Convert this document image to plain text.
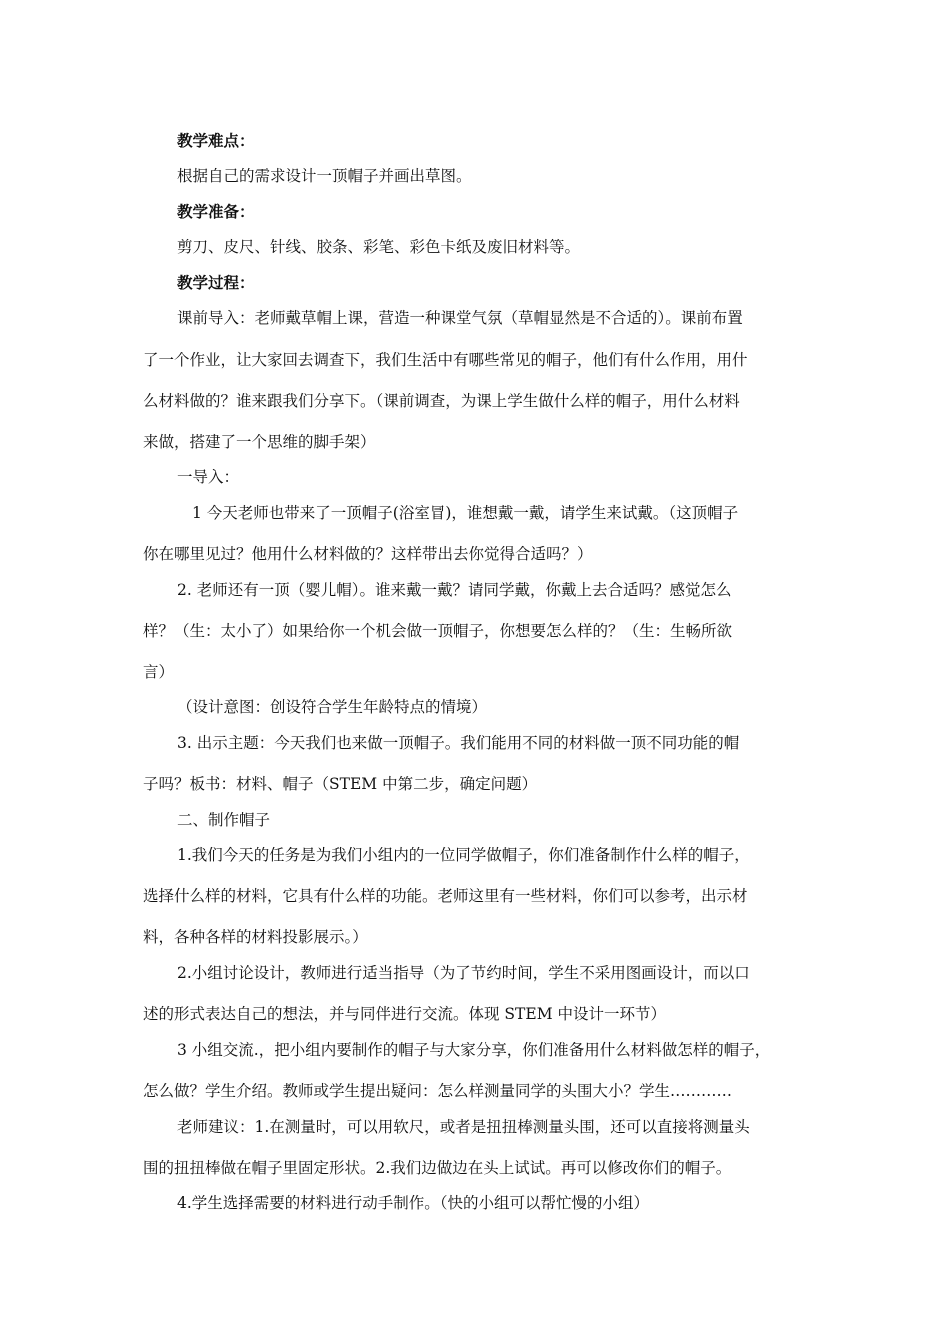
教学难点：
根据自己的需求设计一顶帽子并画出草图。
教学准备：
剪刀、皮尺、针线、胶条、彩笔、彩色卡纸及废旧材料等。
教学过程：
课前导入：老师戴草帽上课，营造一种课堂气氛（草帽显然是不合适的）。课前布置
了一个作业，让大家回去调查下，我们生活中有哪些常见的帽子，他们有什么作用，用什
么材料做的？谁来跟我们分享下。（课前调查，为课上学生做什么样的帽子，用什么材料
来做，搭建了一个思维的脚手架）
一导入：
1 今天老师也带来了一顶帽子(浴室冒)，谁想戴一戴，请学生来试戴。（这顶帽子
你在哪里见过？他用什么材料做的？这样带出去你觉得合适吗？）
2. 老师还有一顶（婴儿帽）。谁来戴一戴？请同学戴，你戴上去合适吗？感觉怎么
样？（生：太小了）如果给你一个机会做一顶帽子，你想要怎么样的？（生：生畅所欲
言）
（设计意图：创设符合学生年龄特点的情境）
3. 出示主题：今天我们也来做一顶帽子。我们能用不同的材料做一顶不同功能的帽
子吗？板书：材料、帽子（STEM 中第二步，确定问题）
二、制作帽子
1.我们今天的任务是为我们小组内的一位同学做帽子，你们准备制作什么样的帽子，
选择什么样的材料，它具有什么样的功能。老师这里有一些材料，你们可以参考，出示材
料，各种各样的材料投影展示。）
2.小组讨论设计，教师进行适当指导（为了节约时间，学生不采用图画设计，而以口
述的形式表达自己的想法，并与同伴进行交流。体现 STEM 中设计一环节）
3 小组交流.，把小组内要制作的帽子与大家分享，你们准备用什么材料做怎样的帽子，
怎么做？学生介绍。教师或学生提出疑问：怎么样测量同学的头围大小？学生…………
老师建议：1.在测量时，可以用软尺，或者是扭扭棒测量头围，还可以直接将测量头
围的扭扭棒做在帽子里固定形状。2.我们边做边在头上试试。再可以修改你们的帽子。
4.学生选择需要的材料进行动手制作。（快的小组可以帮忙慢的小组）
